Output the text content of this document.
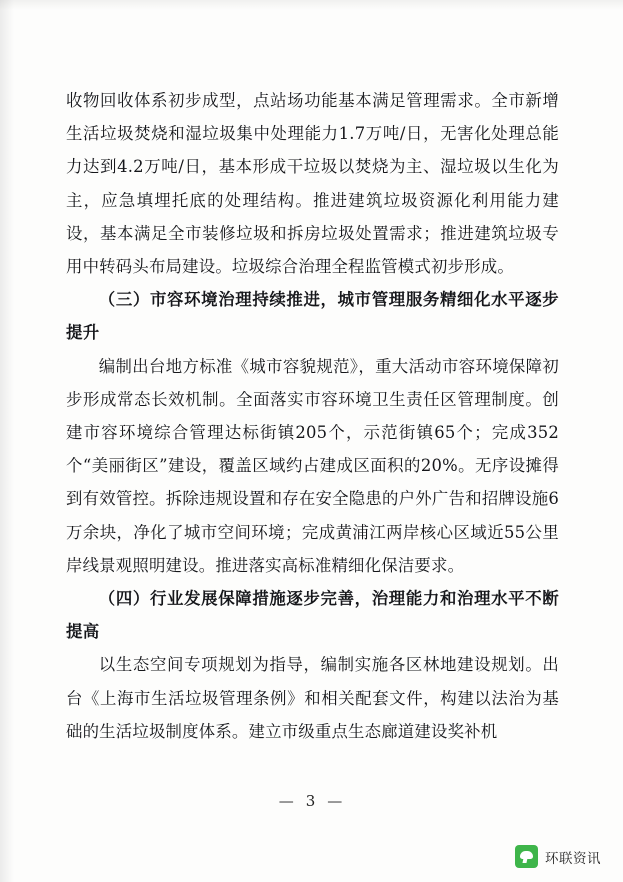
收物回收体系初步成型，点站场功能基本满足管理需求。全市新增生活垃圾焚烧和湿垃圾集中处理能力1.7万吨/日，无害化处理总能力达到4.2万吨/日，基本形成干垃圾以焚烧为主、湿垃圾以生化为主，应急填埋托底的处理结构。推进建筑垃圾资源化利用能力建设，基本满足全市装修垃圾和拆房垃圾处置需求；推进建筑垃圾专用中转码头布局建设。垃圾综合治理全程监管模式初步形成。

（三）市容环境治理持续推进，城市管理服务精细化水平逐步提升

编制出台地方标准《城市容貌规范》，重大活动市容环境保障初步形成常态长效机制。全面落实市容环境卫生责任区管理制度。创建市容环境综合管理达标街镇205个，示范街镇65个；完成352个“美丽街区”建设，覆盖区域约占建成区面积的20%。无序设摊得到有效管控。拆除违规设置和存在安全隐患的户外广告和招牌设施6万余块，净化了城市空间环境；完成黄浦江两岸核心区域近55公里岸线景观照明建设。推进落实高标准精细化保洁要求。

（四）行业发展保障措施逐步完善，治理能力和治理水平不断提高

以生态空间专项规划为指导，编制实施各区林地建设规划。出台《上海市生活垃圾管理条例》和相关配套文件，构建以法治为基础的生活垃圾制度体系。建立市级重点生态廊道建设奖补机

— 3 —
环联资讯
